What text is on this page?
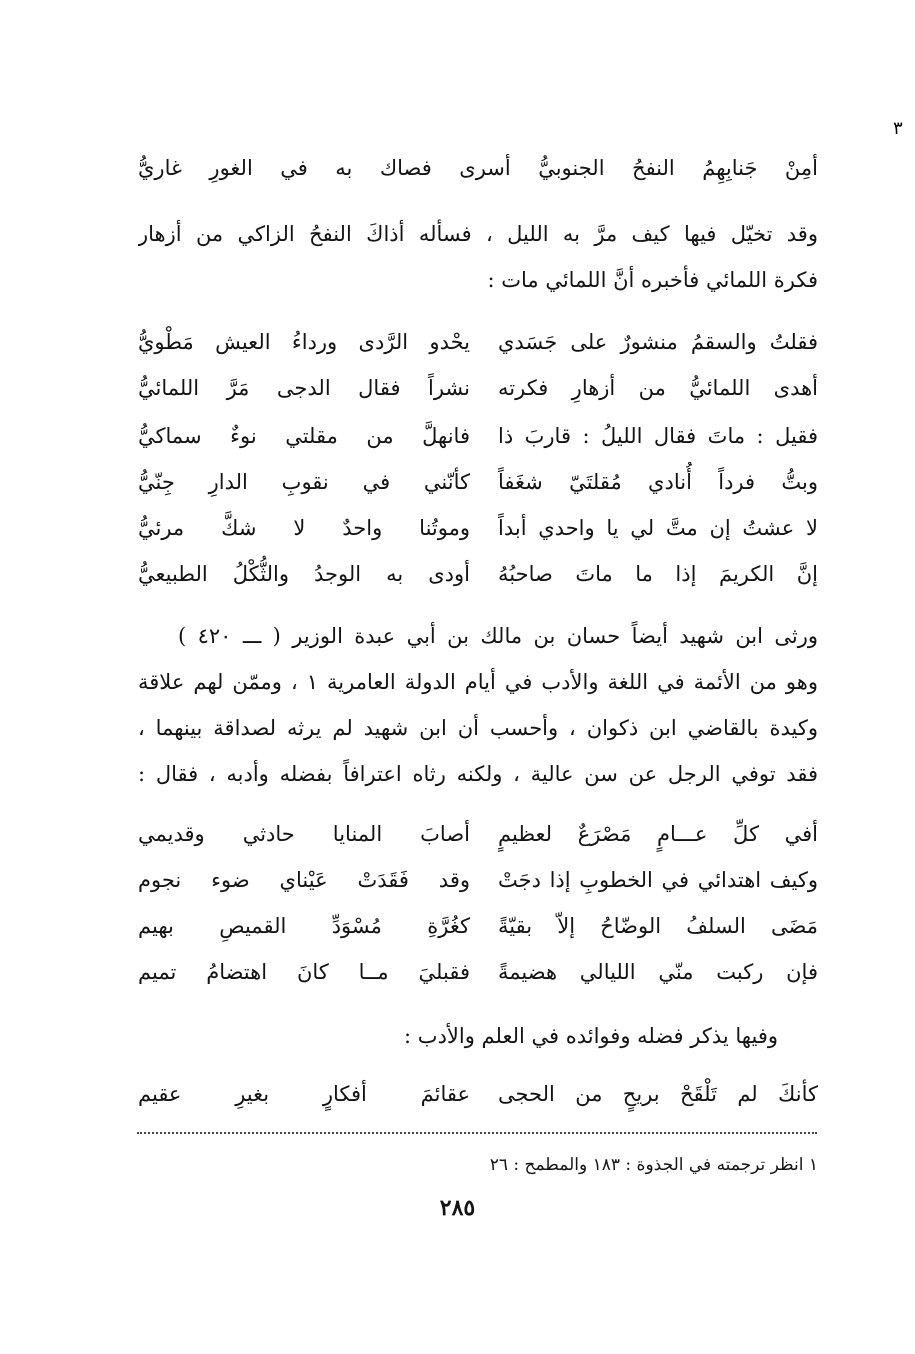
٣
أمِنْ جَنابِهِمُ النفحُ الجنوبيُّ أسرى فصاك به في الغورِ غاريُّ
وقد تخيّل فيها كيف مرَّ به الليل ، فسأله أذاكَ النفحُ الزاكي من أزهار
فكرة اللمائي فأخبره أنَّ اللمائي مات :
فقلتُ والسقمُ منشورٌ على جَسَدي
يحْدو الرَّدى ورداءُ العيش مَطْويُّ
أهدى اللمائيُّ من أزهارِ فكرته
نشراً فقال الدجى مَرَّ اللمائيُّ
فقيل : ماتَ فقال الليلُ : قاربَ ذا
فانهلَّ من مقلتي نوءٌ سماكيُّ
وبتُّ فرداً أُنادي مُقلتَيّ شغَفاً
كأنّني في نقوبِ الدارِ جِنّيُّ
لا عشتُ إن متَّ لي يا واحدي أبداً
وموتُنا واحدٌ لا شكَّ مرئيُّ
إنَّ الكريمَ إذا ما ماتَ صاحبُهُ
أودى به الوجدُ والثُّكْلُ الطبيعيُّ
ورثى ابن شهيد أيضاً حسان بن مالك بن أبي عبدة الوزير ( ـــ ٤٢٠ )
وهو من الأئمة في اللغة والأدب في أيام الدولة العامرية ١ ، وممّن لهم علاقة
وكيدة بالقاضي ابن ذكوان ، وأحسب أن ابن شهيد لم يرثه لصداقة بينهما ،
فقد توفي الرجل عن سن عالية ، ولكنه رثاه اعترافاً بفضله وأدبه ، فقال :
أفي كلِّ عـــامٍ مَصْرَعٌ لعظيمٍ
أصابَ المنايا حادثي وقديمي
وكيف اهتدائي في الخطوبِ إذا دجَتْ
وقد فَقَدَتْ عَيْناي ضوء نجوم
مَضَى السلفُ الوضّاحُ إلاّ بقيّةً
كغُرَّةِ مُسْوَدِّ القميصِ بهيم
فإن ركبت منّي الليالي هضيمةً
فقبليَ مــا كانَ اهتضامُ تميم
وفيها يذكر فضله وفوائده في العلم والأدب :
كأنكَ لم تَلْقَحْ بريحٍ من الحجى
عقائمَ أفكارٍ بغيرِ عقيم
١ انظر ترجمته في الجذوة : ١٨٣ والمطمح : ٢٦
٢٨٥
